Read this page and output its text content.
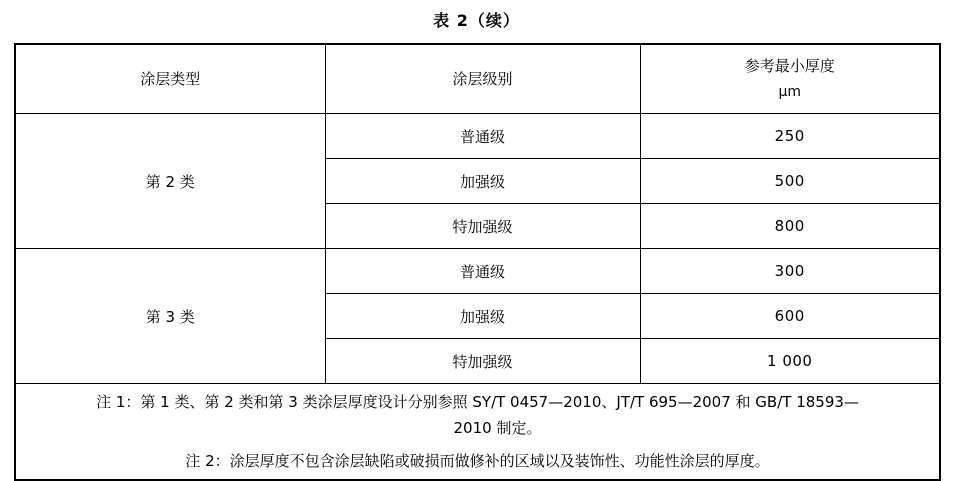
表 2（续）
涂层类型	涂层级别	参考最小厚度
μm

第 2 类	普通级	250
	加强级	500
	特加强级	800
第 3 类	普通级	300
	加强级	600
	特加强级	1 000

注 1：第 1 类、第 2 类和第 3 类涂层厚度设计分别参照 SY/T 0457—2010、JT/T 695—2007 和 GB/T 18593—
2010 制定。
注 2：涂层厚度不包含涂层缺陷或破损而做修补的区域以及装饰性、功能性涂层的厚度。		
